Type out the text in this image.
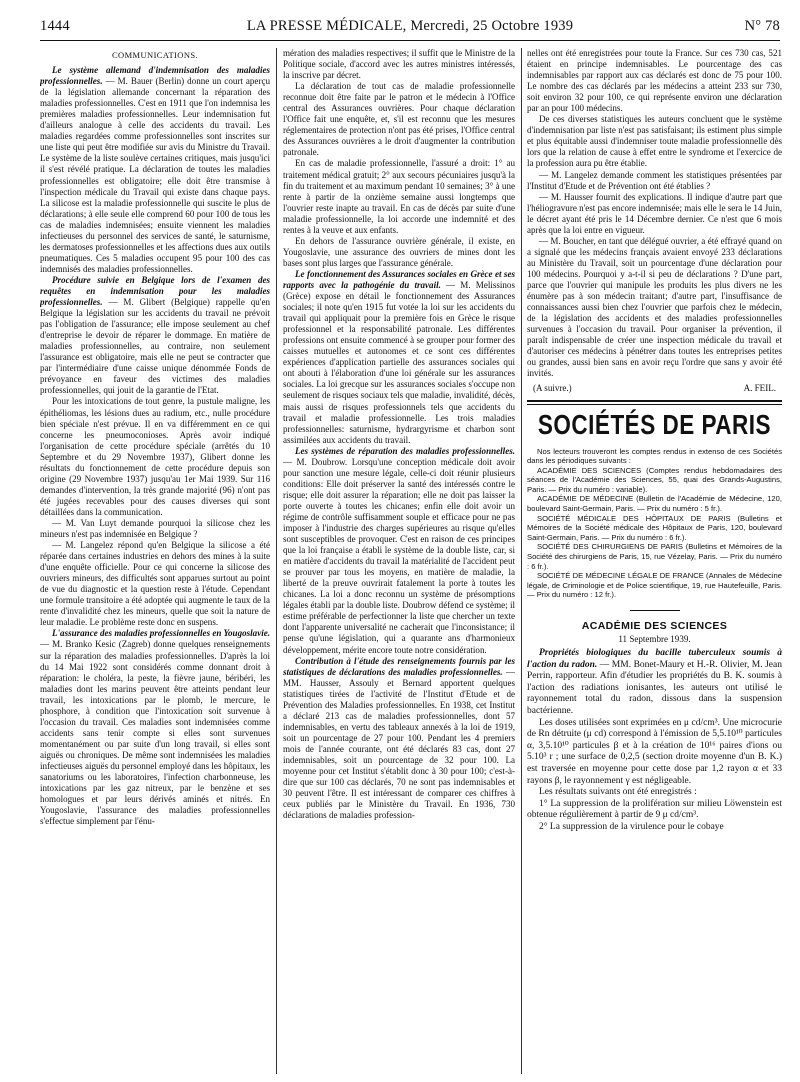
1444	LA PRESSE MÉDICALE, Mercredi, 25 Octobre 1939	N° 78

COMMUNICATIONS.

Le système allemand d'indemnisation des maladies professionnelles. — M. Bauer (Berlin) donne un court aperçu de la législation allemande concernant la réparation des maladies professionnelles. C'est en 1911 que l'on indemnisa les premières maladies professionnelles. Leur indemnisation fut d'ailleurs analogue à celle des accidents du travail. Les maladies regardées comme professionnelles sont inscrites sur une liste qui peut être modifiée sur avis du Ministre du Travail. Le système de la liste soulève certaines critiques, mais jusqu'ici il s'est révélé pratique. La déclaration de toutes les maladies professionnelles est obligatoire; elle doit être transmise à l'inspection médicale du Travail qui existe dans chaque pays. La silicose est la maladie professionnelle qui suscite le plus de déclarations; à elle seule elle comprend 60 pour 100 de tous les cas de maladies indemnisées; ensuite viennent les maladies infectieuses du personnel des services de santé, le saturnisme, les dermatoses professionnelles et les affections dues aux outils pneumatiques. Ces 5 maladies occupent 95 pour 100 des cas indemnisés des maladies professionnelles.

Procédure suivie en Belgique lors de l'examen des requêtes en indemnisation pour les maladies professionnelles. — M. Glibert (Belgique) rappelle qu'en Belgique la législation sur les accidents du travail ne prévoit pas l'obligation de l'assurance; elle impose seulement au chef d'entreprise le devoir de réparer le dommage. En matière de maladies professionnelles, au contraire, non seulement l'assurance est obligatoire, mais elle ne peut se contracter que par l'intermédiaire d'une caisse unique dénommée Fonds de prévoyance en faveur des victimes des maladies professionnelles, qui jouit de la garantie de l'Etat.

Pour les intoxications de tout genre, la pustule maligne, les épithéliomas, les lésions dues au radium, etc., nulle procédure bien spéciale n'est prévue. Il en va différemment en ce qui concerne les pneumoconioses. Après avoir indiqué l'organisation de cette procédure spéciale (arrêtés du 10 Septembre et du 29 Novembre 1937), Glibert donne les résultats du fonctionnement de cette procédure depuis son origine (29 Novembre 1937) jusqu'au 1er Mai 1939. Sur 116 demandes d'intervention, la très grande majorité (96) n'ont pas été jugées recevables pour des causes diverses qui sont détaillées dans la communication.

— M. Van Luyt demande pourquoi la silicose chez les mineurs n'est pas indemnisée en Belgique ?

— M. Langelez répond qu'en Belgique la silicose a été réparée dans certaines industries en dehors des mines à la suite d'une enquête officielle. Pour ce qui concerne la silicose des ouvriers mineurs, des difficultés sont apparues surtout au point de vue du diagnostic et la question reste à l'étude. Cependant une formule transitoire a été adoptée qui augmente le taux de la rente d'invalidité chez les mineurs, quelle que soit la nature de leur maladie. Le problème reste donc en suspens.

L'assurance des maladies professionnelles en Yougoslavie. — M. Branko Kesic (Zagreb) donne quelques renseignements sur la réparation des maladies professionnelles. D'après la loi du 14 Mai 1922 sont considérés comme donnant droit à réparation: le choléra, la peste, la fièvre jaune, béribéri, les maladies dont les marins peuvent être atteints pendant leur travail, les intoxications par le plomb, le mercure, le phosphore, à condition que l'intoxication soit survenue à l'occasion du travail. Ces maladies sont indemnisées comme accidents sans tenir compte si elles sont survenues momentanément ou par suite d'un long travail, si elles sont aiguës ou chroniques. De même sont indemnisées les maladies infectieuses aiguës du personnel employé dans les hôpitaux, les sanatoriums ou les laboratoires, l'infection charbonneuse, les intoxications par les gaz nitreux, par le benzène et ses homologues et par leurs dérivés aminés et nitrés. En Yougoslavie, l'assurance des maladies professionnelles s'effectue simplement par l'énu-

mération des maladies respectives; il suffit que le Ministre de la Politique sociale, d'accord avec les autres ministres intéressés, la inscrive par décret.

La déclaration de tout cas de maladie professionnelle reconnue doit être faite par le patron et le médecin à l'Office central des Assurances ouvrières. Pour chaque déclaration l'Office fait une enquête, et, s'il est reconnu que les mesures réglementaires de protection n'ont pas été prises, l'Office central des Assurances ouvrières a le droit d'augmenter la contribution patronale.

En cas de maladie professionnelle, l'assuré a droit: 1° au traitement médical gratuit; 2° aux secours pécuniaires jusqu'à la fin du traitement et au maximum pendant 10 semaines; 3° à une rente à partir de la onzième semaine aussi longtemps que l'ouvrier reste inapte au travail. En cas de décès par suite d'une maladie professionnelle, la loi accorde une indemnité et des rentes à la veuve et aux enfants.

En dehors de l'assurance ouvrière générale, il existe, en Yougoslavie, une assurance des ouvriers de mines dont les bases sont plus larges que l'assurance générale.

Le fonctionnement des Assurances sociales en Grèce et ses rapports avec la pathogénie du travail. — M. Melissinos (Grèce) expose en détail le fonctionnement des Assurances sociales; il note qu'en 1915 fut votée la loi sur les accidents du travail qui appliquait pour la première fois en Grèce le risque professionnel et la responsabilité patronale. Les différentes professions ont ensuite commencé à se grouper pour former des caisses mutuelles et autonomes et ce sont ces différentes expériences d'application partielle des assurances sociales qui ont abouti à l'élaboration d'une loi générale sur les assurances sociales. La loi grecque sur les assurances sociales s'occupe non seulement de risques sociaux tels que maladie, invalidité, décès, mais aussi de risques professionnels tels que accidents du travail et maladie professionnelle. Les trois maladies professionnelles: saturnisme, hydrargyrisme et charbon sont assimilées aux accidents du travail.

Les systèmes de réparation des maladies professionnelles. — M. Doubrow. Lorsqu'une conception médicale doit avoir pour sanction une mesure légale, celle-ci doit réunir plusieurs conditions: Elle doit préserver la santé des intéressés contre le risque; elle doit assurer la réparation; elle ne doit pas laisser la porte ouverte à toutes les chicanes; enfin elle doit avoir un régime de contrôle suffisamment souple et efficace pour ne pas imposer à l'industrie des charges supérieures au risque qu'elles sont susceptibles de provoquer. C'est en raison de ces principes que la loi française a établi le système de la double liste, car, si en matière d'accidents du travail la matérialité de l'accident peut se prouver par tous les moyens, en matière de maladie, la liberté de la preuve ouvrirait fatalement la porte à toutes les chicanes. La loi a donc reconnu un système de présomptions légales établi par la double liste. Doubrow défend ce système; il estime préférable de perfectionner la liste que chercher un texte dont l'apparente universalité ne cacherait que l'inconsistance; il pense qu'une législation, qui a quarante ans d'harmonieux développement, mérite encore toute notre considération.

Contribution à l'étude des renseignements fournis par les statistiques de déclarations des maladies professionnelles. — MM. Hausser, Assouly et Bernard apportent quelques statistiques tirées de l'activité de l'Institut d'Etude et de Prévention des Maladies professionnelles. En 1938, cet Institut a déclaré 213 cas de maladies professionnelles, dont 57 indemnisables, en vertu des tableaux annexés à la loi de 1919, soit un pourcentage de 27 pour 100. Pendant les 4 premiers mois de l'année courante, ont été déclarés 83 cas, dont 27 indemnisables, soit un pourcentage de 32 pour 100. La moyenne pour cet Institut s'établit donc à 30 pour 100; c'est-à-dire que sur 100 cas déclarés, 70 ne sont pas indemnisables et 30 peuvent l'être. Il est intéressant de comparer ces chiffres à ceux publiés par le Ministère du Travail. En 1936, 730 déclarations de maladies profession-

nelles ont été enregistrées pour toute la France. Sur ces 730 cas, 521 étaient en principe indemnisables. Le pourcentage des cas indemnisables par rapport aux cas déclarés est donc de 75 pour 100. Le nombre des cas déclarés par les médecins a atteint 233 sur 730, soit environ 32 pour 100, ce qui représente environ une déclaration par an pour 100 médecins.

De ces diverses statistiques les auteurs concluent que le système d'indemnisation par liste n'est pas satisfaisant; ils estiment plus simple et plus équitable aussi d'indemniser toute maladie professionnelle dès lors que la relation de cause à effet entre le syndrome et l'exercice de la profession aura pu être établie.

— M. Langelez demande comment les statistiques présentées par l'Institut d'Etude et de Prévention ont été établies ?

— M. Hausser fournit des explications. Il indique d'autre part que l'héliogravure n'est pas encore indemnisée; mais elle le sera le 14 Juin, le décret ayant été pris le 14 Décembre dernier. Ce n'est que 6 mois après que la loi entre en vigueur.

— M. Boucher, en tant que délégué ouvrier, a été effrayé quand on a signalé que les médecins français avaient envoyé 233 déclarations au Ministère du Travail, soit un pourcentage d'une déclaration pour 100 médecins. Pourquoi y a-t-il si peu de déclarations ? D'une part, parce que l'ouvrier qui manipule les produits les plus divers ne les énumère pas à son médecin traitant; d'autre part, l'insuffisance de connaissances aussi bien chez l'ouvrier que parfois chez le médecin, de la législation des accidents et des maladies professionnelles survenues à l'occasion du travail. Pour organiser la prévention, il paraît indispensable de créer une inspection médicale du travail et d'autoriser ces médecins à pénétrer dans toutes les entreprises petites ou grandes, aussi bien sans en avoir reçu l'ordre que sans y avoir été invités.

(A suivre.)	A. FEIL.
SOCIÉTÉS DE PARIS

Nos lecteurs trouveront les comptes rendus in extenso de ces Sociétés dans les périodiques suivants :

ACADÉMIE DES SCIENCES (Comptes rendus hebdomadaires des séances de l'Académie des Sciences, 55, quai des Grands-Augustins, Paris. — Prix du numéro : variable).

ACADÉMIE DE MÉDECINE (Bulletin de l'Académie de Médecine, 120, boulevard Saint-Germain, Paris. — Prix du numéro : 5 fr.).

SOCIÉTÉ MÉDICALE DES HÔPITAUX DE PARIS (Bulletins et Mémoires de la Société médicale des Hôpitaux de Paris, 120, boulevard Saint-Germain, Paris. — Prix du numéro : 6 fr.).

SOCIÉTÉ DES CHIRURGIENS DE PARIS (Bulletins et Mémoires de la Société des chirurgiens de Paris, 15, rue Vézelay, Paris. — Prix du numéro : 6 fr.).

SOCIÉTÉ DE MÉDECINE LÉGALE DE FRANCE (Annales de Médecine légale, de Criminologie et de Police scientifique, 19, rue Hautefeuille, Paris. — Prix du numéro : 12 fr.).

ACADÉMIE DES SCIENCES
11 Septembre 1939.

Propriétés biologiques du bacille tuberculeux soumis à l'action du radon. — MM. Bonet-Maury et H.-R. Olivier, M. Jean Perrin, rapporteur. Afin d'étudier les propriétés du B. K. soumis à l'action des radiations ionisantes, les auteurs ont utilisé le rayonnement total du radon, dissous dans la suspension bactérienne.

Les doses utilisées sont exprimées en μ cd/cm³. Une microcurie de Rn détruite (μ cd) correspond à l'émission de 5,5.10¹⁰ particules α, 3,5.10¹⁰ particules β et à la création de 10¹⁶ paires d'ions ou 5.10³ r ; une surface de 0,2,5 (section droite moyenne d'un B. K.) est traversée en moyenne pour cette dose par 1,2 rayon α et 33 rayons β, le rayonnement γ est négligeable.

Les résultats suivants ont été enregistrés :

1° La suppression de la prolifération sur milieu Löwenstein est obtenue régulièrement à partir de 9 μ cd/cm³.

2° La suppression de la virulence pour le cobaye
